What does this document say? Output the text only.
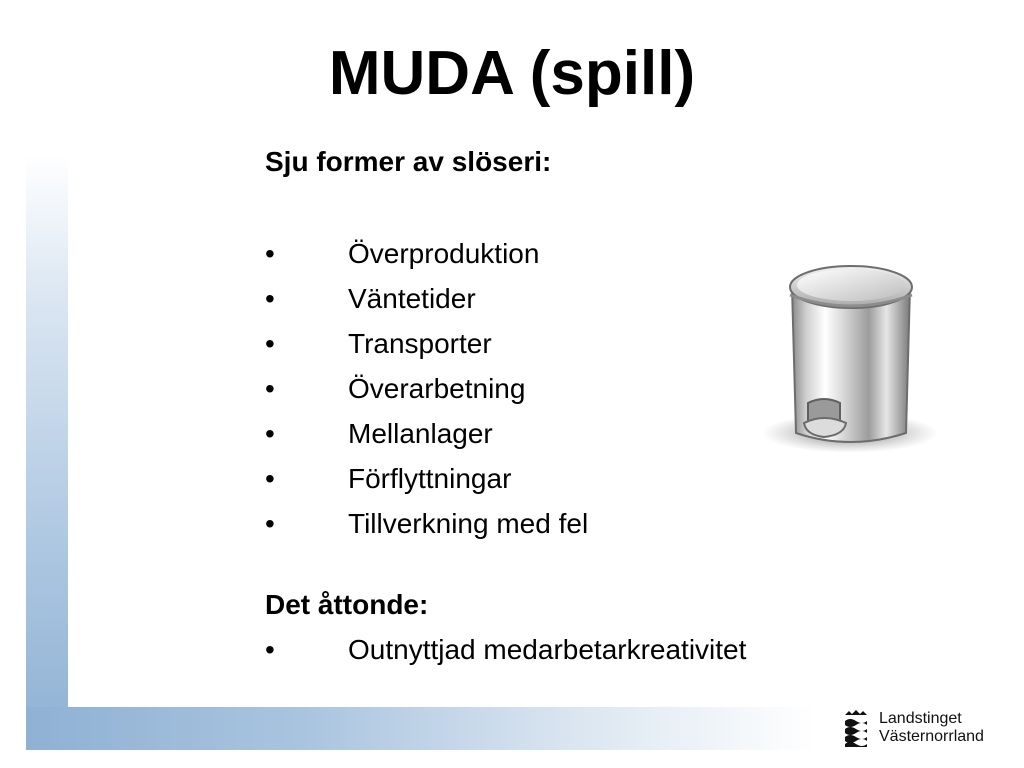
MUDA (spill)
Sju former av slöseri:
•	Överproduktion
•	Väntetider
•	Transporter
•	Överarbetning
•	Mellanlager
•	Förflyttningar
•	Tillverkning med fel
Det åttonde:
•	Outnyttjad medarbetarkreativitet
Landstinget
Västernorrland
